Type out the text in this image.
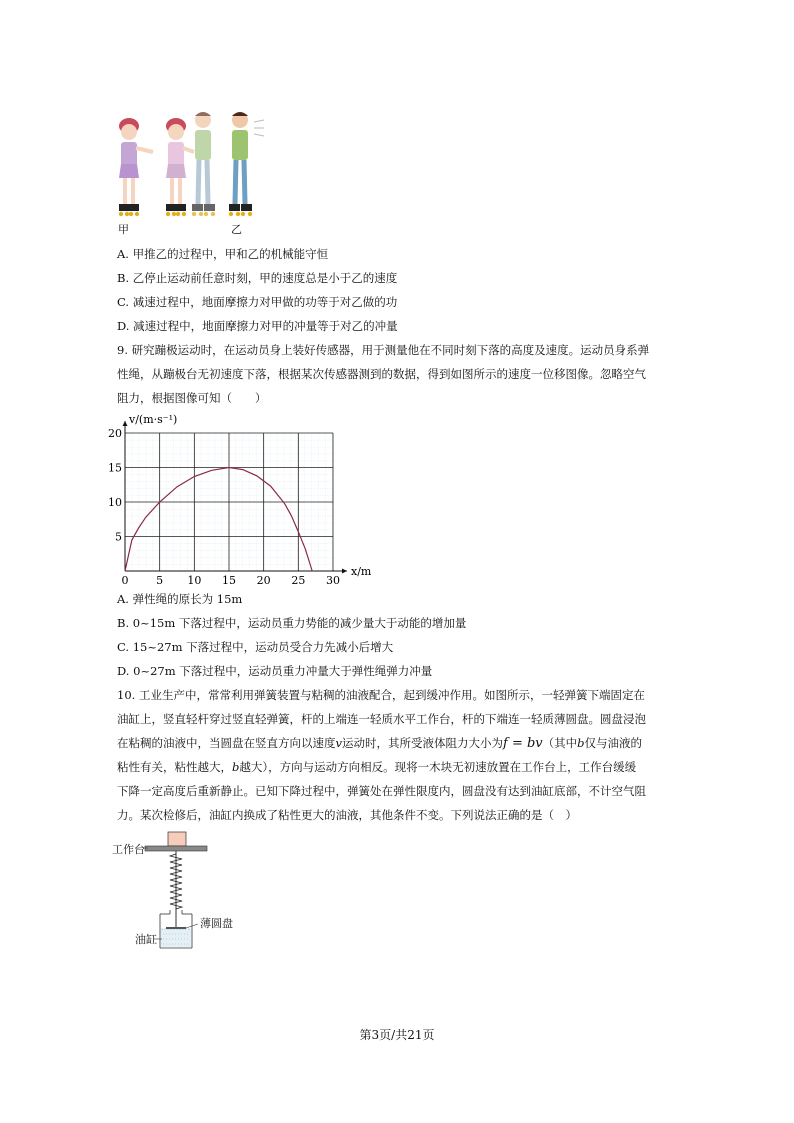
甲	乙
A. 甲推乙的过程中，甲和乙的机械能守恒
B. 乙停止运动前任意时刻，甲的速度总是小于乙的速度
C. 减速过程中，地面摩擦力对甲做的功等于对乙做的功
D. 减速过程中，地面摩擦力对甲的冲量等于对乙的冲量
9. 研究蹦极运动时，在运动员身上装好传感器，用于测量他在不同时刻下落的高度及速度。运动员身系弹
性绳，从蹦极台无初速度下落，根据某次传感器测到的数据，得到如图所示的速度一位移图像。忽略空气
阻力，根据图像可知（　　）
0	5 10 15 20 25 30
5
10
15
20
v/(m·s⁻¹)
x/m
A. 弹性绳的原长为 15m
B. 0~15m 下落过程中，运动员重力势能的减少量大于动能的增加量
C. 15~27m 下落过程中，运动员受合力先减小后增大
D. 0~27m 下落过程中，运动员重力冲量大于弹性绳弹力冲量
10. 工业生产中，常常利用弹簧装置与粘稠的油液配合，起到缓冲作用。如图所示，一轻弹簧下端固定在
油缸上，竖直轻杆穿过竖直轻弹簧，杆的上端连一轻质水平工作台，杆的下端连一轻质薄圆盘。圆盘浸泡
在粘稠的油液中，当圆盘在竖直方向以速度v运动时，其所受液体阻力大小为f = bv（其中b仅与油液的
粘性有关，粘性越大，b越大），方向与运动方向相反。现将一木块无初速放置在工作台上，工作台缓缓
下降一定高度后重新静止。已知下降过程中，弹簧处在弹性限度内，圆盘没有达到油缸底部，不计空气阻
力。某次检修后，油缸内换成了粘性更大的油液，其他条件不变。下列说法正确的是（　）
工作台
薄圆盘
油缸
第3页/共21页
